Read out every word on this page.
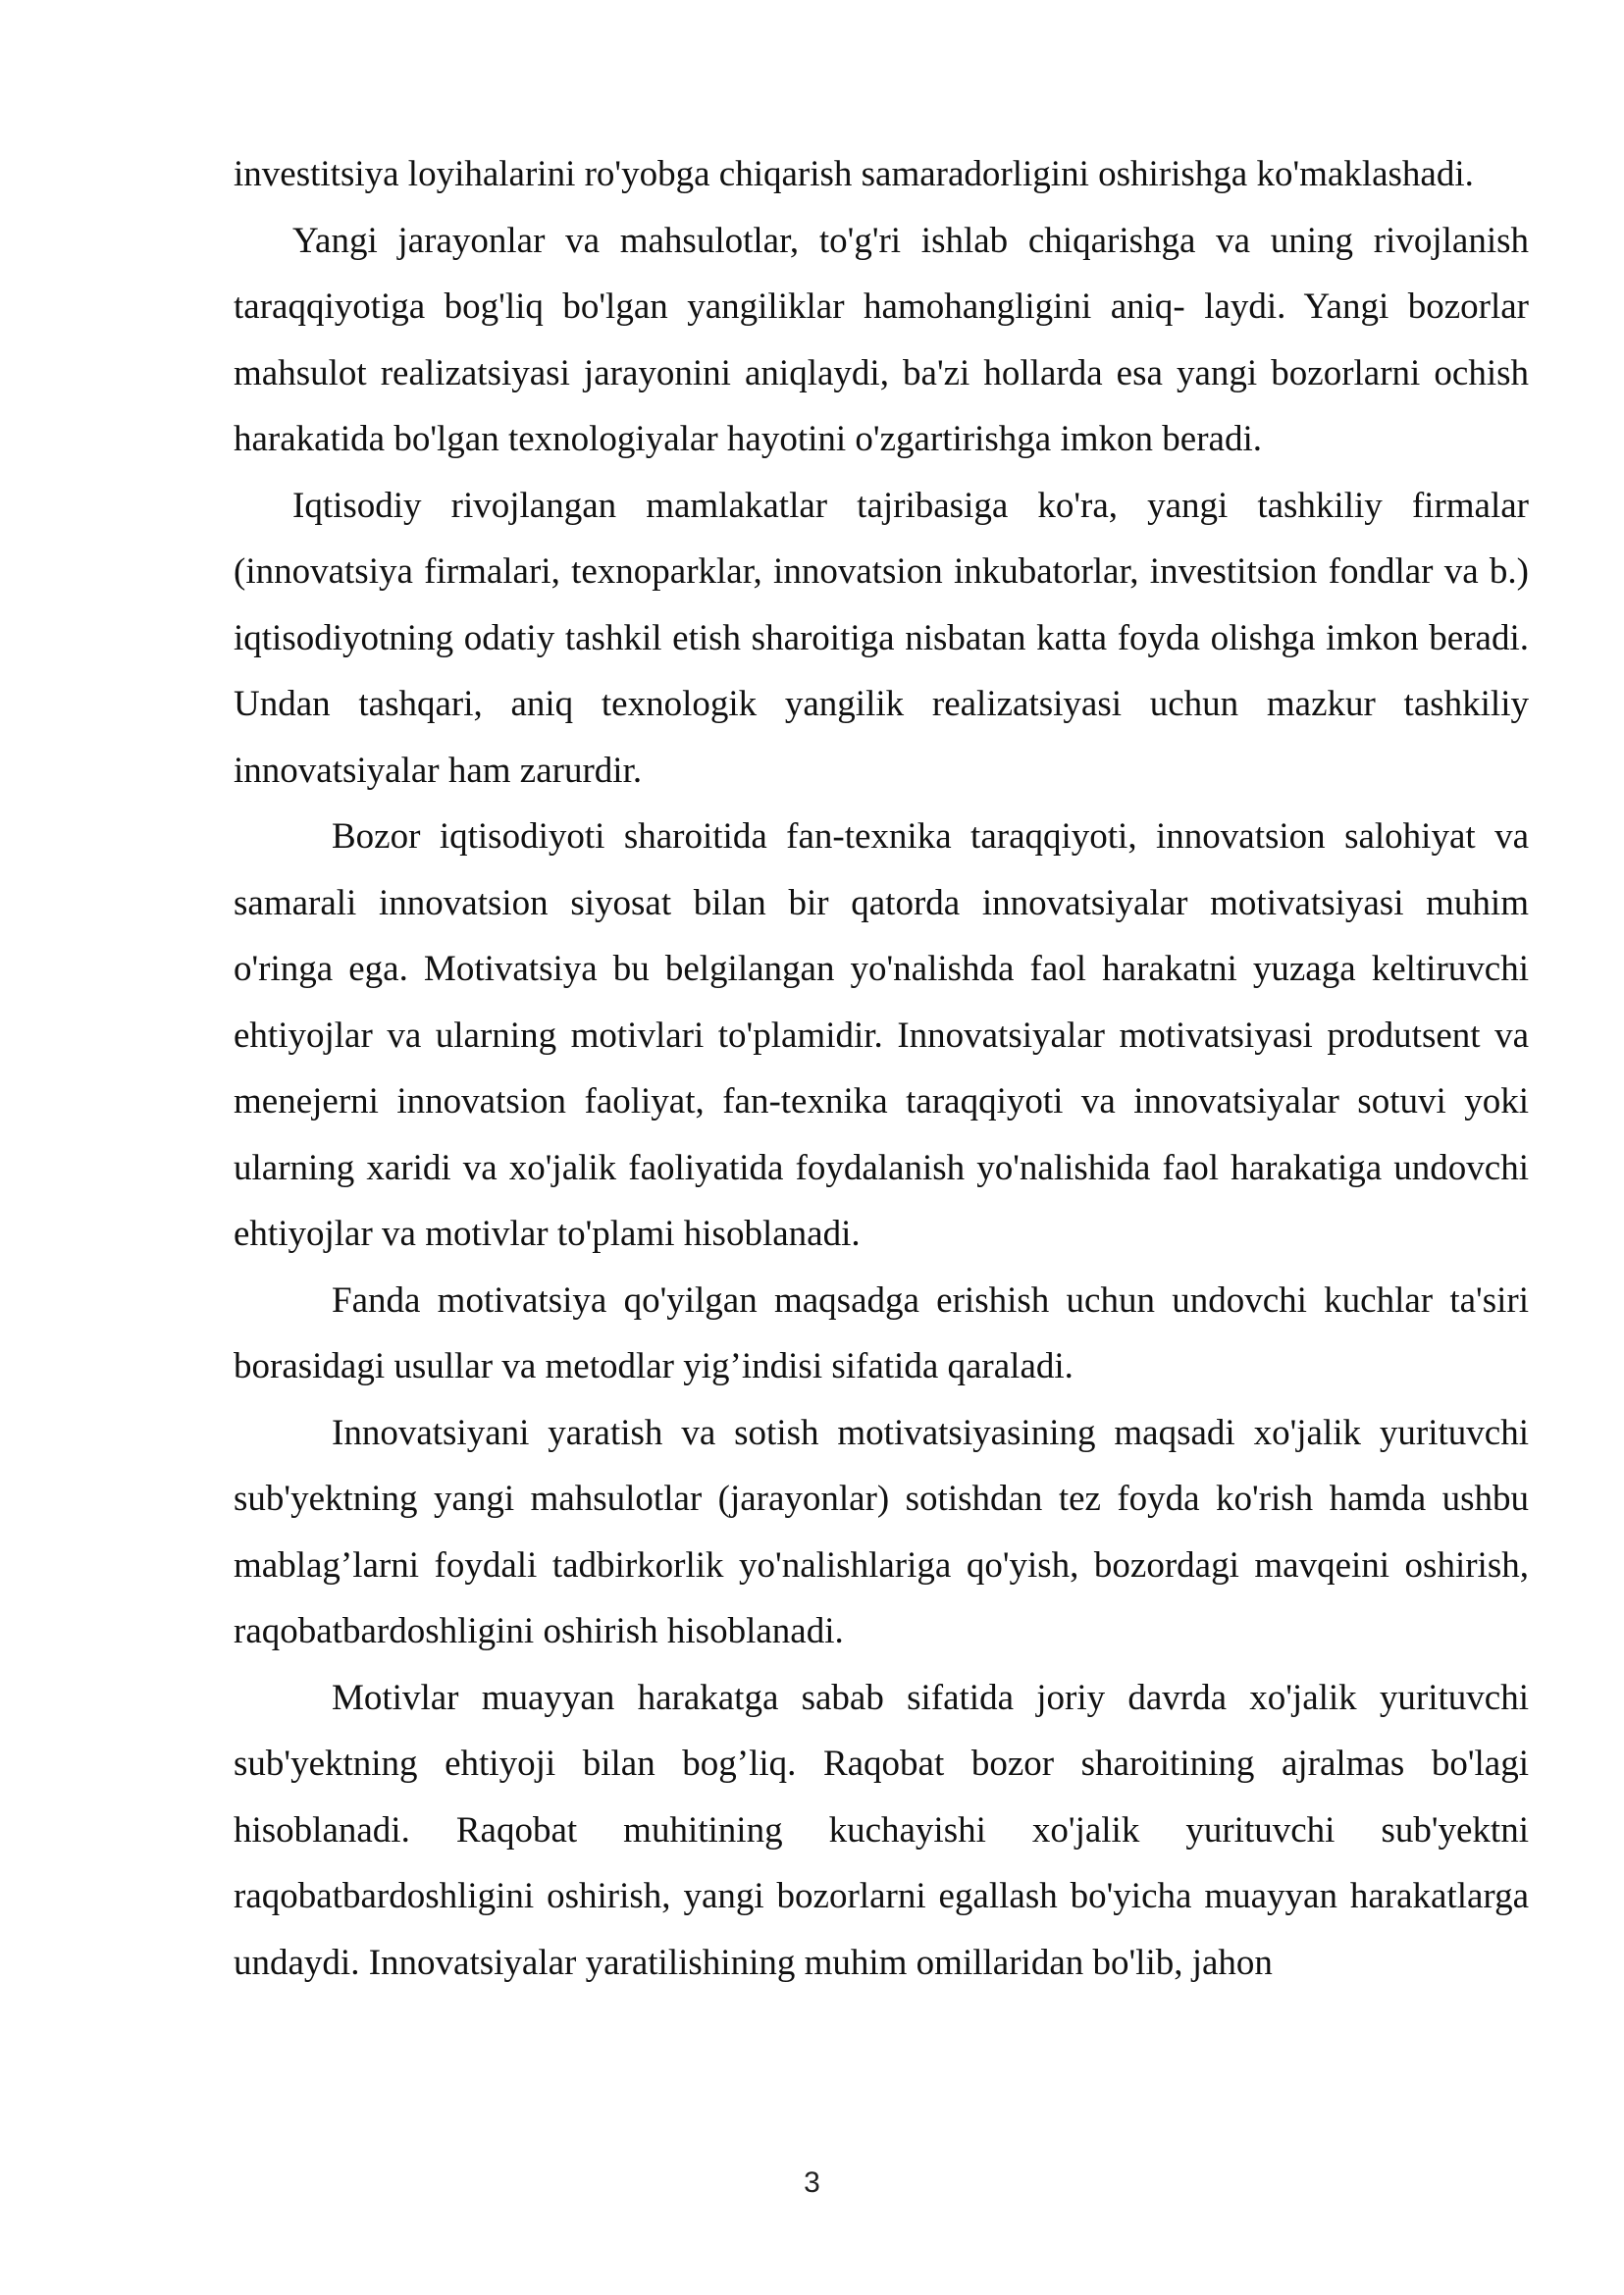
investitsiya loyihalarini ro'yobga chiqarish samaradorligini oshirishga ko'maklashadi.

Yangi jarayonlar va mahsulotlar, to'g'ri ishlab chiqarishga va uning rivojlanish taraqqiyotiga bog'liq bo'lgan yangiliklar hamohangligini aniq- laydi. Yangi bozorlar mahsulot realizatsiyasi jarayonini aniqlaydi, ba'zi hollarda esa yangi bozorlarni ochish harakatida bo'lgan texnologiyalar hayotini o'zgartirishga imkon beradi.

Iqtisodiy rivojlangan mamlakatlar tajribasiga ko'ra, yangi tashkiliy firmalar (innovatsiya firmalari, texnoparklar, innovatsion inkubatorlar, investitsion fondlar va b.) iqtisodiyotning odatiy tashkil etish sharoitiga nisbatan katta foyda olishga imkon beradi. Undan tashqari, aniq texnologik yangilik realizatsiyasi uchun mazkur tashkiliy innovatsiyalar ham zarurdir.

Bozor iqtisodiyoti sharoitida fan-texnika taraqqiyoti, innovatsion salohiyat va samarali innovatsion siyosat bilan bir qatorda innovatsiyalar motivatsiyasi muhim o'ringa ega. Motivatsiya bu belgilangan yo'nalishda faol harakatni yuzaga keltiruvchi ehtiyojlar va ularning motivlari to'plamidir. Innovatsiyalar motivatsiyasi produtsent va menejerni innovatsion faoliyat, fan-texnika taraqqiyoti va innovatsiyalar sotuvi yoki ularning xaridi va xo'jalik faoliyatida foydalanish yo'nalishida faol harakatiga undovchi ehtiyojlar va motivlar to'plami hisoblanadi.

Fanda motivatsiya qo'yilgan maqsadga erishish uchun undovchi kuchlar ta'siri borasidagi usullar va metodlar yig’indisi sifatida qaraladi.

Innovatsiyani yaratish va sotish motivatsiyasining maqsadi xo'jalik yurituvchi sub'yektning yangi mahsulotlar (jarayonlar) sotishdan tez foyda ko'rish hamda ushbu mablag’larni foydali tadbirkorlik yo'nalishlariga qo'yish, bozordagi mavqeini oshirish, raqobatbardoshligini oshirish hisoblanadi.

Motivlar muayyan harakatga sabab sifatida joriy davrda xo'jalik yurituvchi sub'yektning ehtiyoji bilan bog’liq. Raqobat bozor sharoitining ajralmas bo'lagi hisoblanadi. Raqobat muhitining kuchayishi xo'jalik yurituvchi sub'yektni raqobatbardoshligini oshirish, yangi bozorlarni egallash bo'yicha muayyan harakatlarga undaydi. Innovatsiyalar yaratilishining muhim omillaridan bo'lib, jahon

3
